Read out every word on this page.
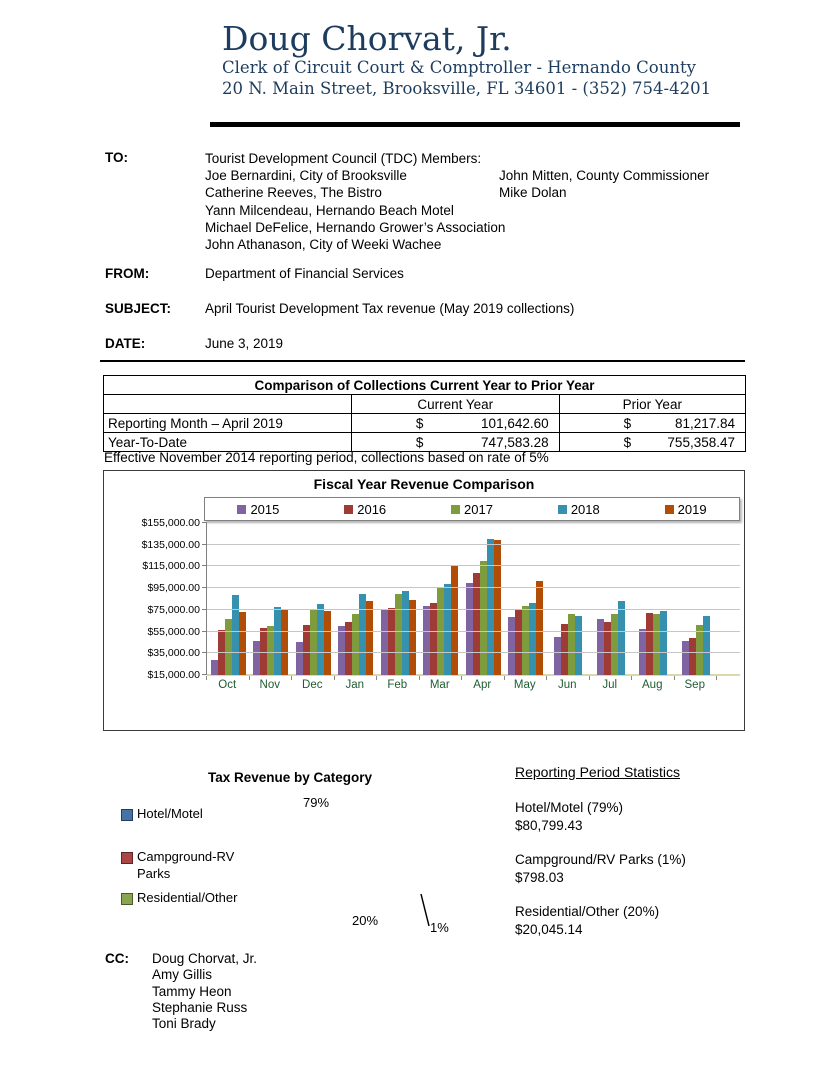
Doug Chorvat, Jr.
Clerk of Circuit Court & Comptroller - Hernando County
20 N. Main Street, Brooksville, FL 34601 - (352) 754-4201
TO:	Tourist Development Council (TDC) Members:
Joe Bernardini, City of Brooksville	John Mitten, County Commissioner
Catherine Reeves, The Bistro	Mike Dolan
Yann Milcendeau, Hernando Beach Motel
Michael DeFelice, Hernando Grower’s Association
John Athanason, City of Weeki Wachee
FROM:	Department of Financial Services
SUBJECT:	April Tourist Development Tax revenue (May 2019 collections)
DATE:	June 3, 2019
Comparison of Collections Current Year to Prior Year		
	Current Year	Prior Year
Reporting Month – April 2019	$ 101,642.60	$ 81,217.84

Year-To-Date	$ 747,583.28	$ 755,358.47
Effective November 2014 reporting period, collections based on rate of 5%
Fiscal Year Revenue Comparison
2015	2016	2017	2018	2019
$15,000.00
$35,000.00
$55,000.00
$75,000.00
$95,000.00
$115,000.00
$135,000.00
$155,000.00
Oct	Nov	Dec	Jan	Feb	Mar	Apr	May	Jun	Jul	Aug	Sep
Tax Revenue by Category
Hotel/Motel
Campground-RV Parks
Residential/Other
79%
20%	1%
Reporting Period Statistics
Hotel/Motel (79%)
$80,799.43
Campground/RV Parks (1%)
$798.03
Residential/Other (20%)
$20,045.14
CC:	Doug Chorvat, Jr.
Amy Gillis
Tammy Heon
Stephanie Russ
Toni Brady
